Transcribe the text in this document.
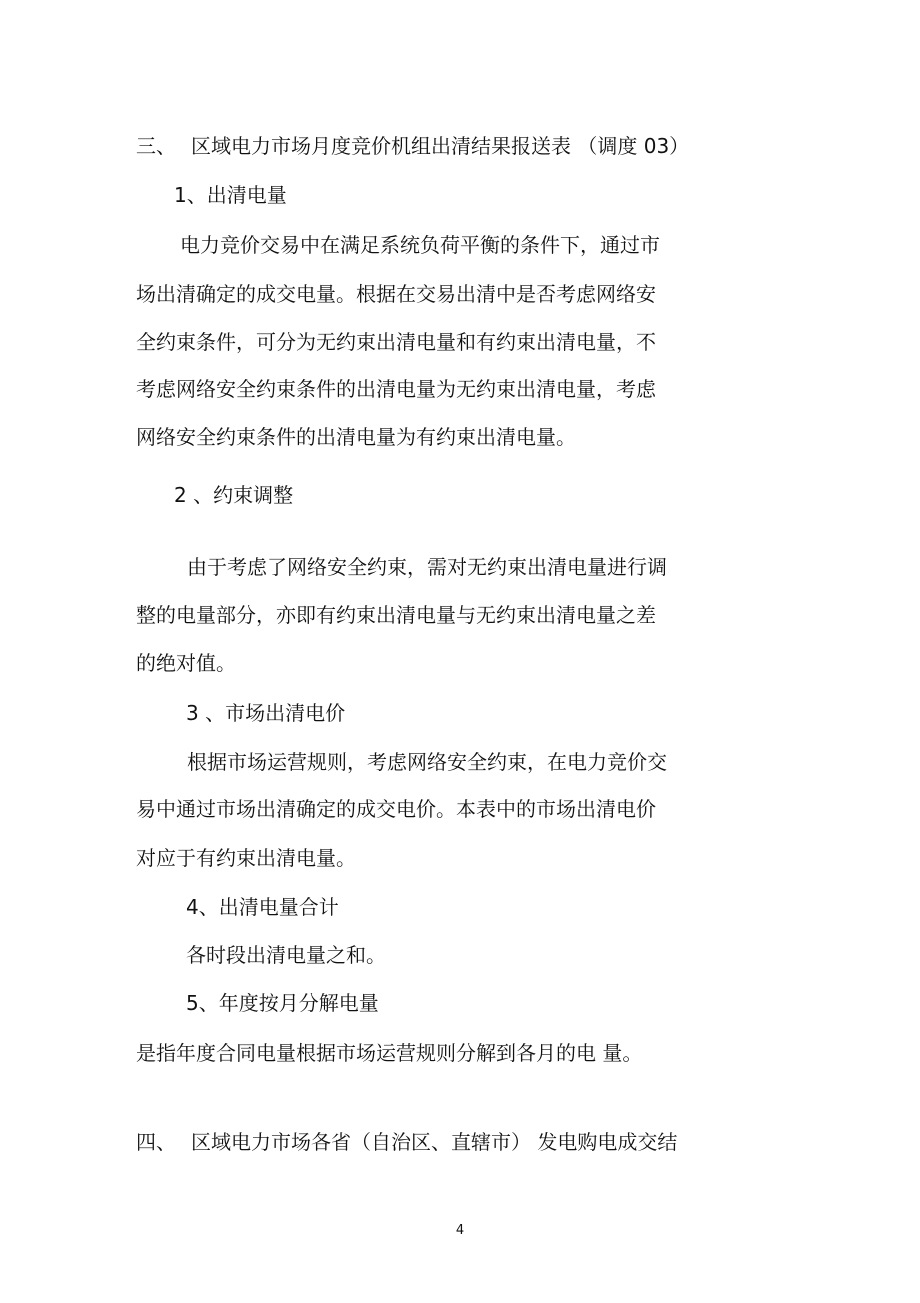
三、 区域电力市场月度竞价机组出清结果报送表 （调度 03）
1、出清电量
电力竞价交易中在满足系统负荷平衡的条件下，通过市
场出清确定的成交电量。根据在交易出清中是否考虑网络安
全约束条件，可分为无约束出清电量和有约束出清电量，不
考虑网络安全约束条件的出清电量为无约束出清电量，考虑
网络安全约束条件的出清电量为有约束出清电量。
2 、约束调整
由于考虑了网络安全约束，需对无约束出清电量进行调
整的电量部分，亦即有约束出清电量与无约束出清电量之差
的绝对值。
3 、市场出清电价
根据市场运营规则，考虑网络安全约束，在电力竞价交
易中通过市场出清确定的成交电价。本表中的市场出清电价
对应于有约束出清电量。
4、出清电量合计
各时段出清电量之和。
5、年度按月分解电量
是指年度合同电量根据市场运营规则分解到各月的电 量。
四、 区域电力市场各省（自治区、直辖市） 发电购电成交结
4
